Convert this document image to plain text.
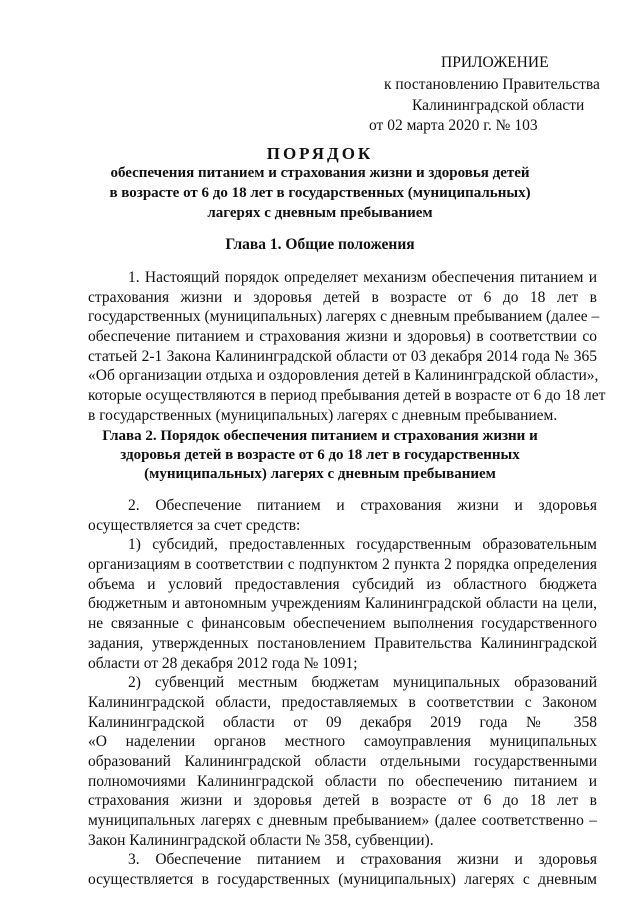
ПРИЛОЖЕНИЕ
к постановлению Правительства
Калининградской области
от 02 марта 2020 г. № 103
ПОРЯДОК
обеспечения питанием и страхования жизни и здоровья детей
в возрасте от 6 до 18 лет в государственных (муниципальных)
лагерях с дневным пребыванием
Глава 1. Общие положения
1. Настоящий порядок определяет механизм обеспечения питанием и
страхования жизни и здоровья детей в возрасте от 6 до 18 лет в
государственных (муниципальных) лагерях с дневным пребыванием (далее –
обеспечение питанием и страхования жизни и здоровья) в соответствии со
статьей 2-1 Закона Калининградской области от 03 декабря 2014 года № 365
«Об организации отдыха и оздоровления детей в Калининградской области»,
которые осуществляются в период пребывания детей в возрасте от 6 до 18 лет
в государственных (муниципальных) лагерях с дневным пребыванием.
Глава 2. Порядок обеспечения питанием и страхования жизни и
здоровья детей в возрасте от 6 до 18 лет в государственных
(муниципальных) лагерях с дневным пребыванием
2. Обеспечение питанием и страхования жизни и здоровья
осуществляется за счет средств:
1) субсидий, предоставленных государственным образовательным
организациям в соответствии с подпунктом 2 пункта 2 порядка определения
объема и условий предоставления субсидий из областного бюджета
бюджетным и автономным учреждениям Калининградской области на цели,
не связанные с финансовым обеспечением выполнения государственного
задания, утвержденных постановлением Правительства Калининградской
области от 28 декабря 2012 года № 1091;
2) субвенций местным бюджетам муниципальных образований
Калининградской области, предоставляемых в соответствии с Законом
Калининградской области от 09 декабря 2019 года № 358
«О наделении органов местного самоуправления муниципальных
образований Калининградской области отдельными государственными
полномочиями Калининградской области по обеспечению питанием и
страхования жизни и здоровья детей в возрасте от 6 до 18 лет в
муниципальных лагерях с дневным пребыванием» (далее соответственно –
Закон Калининградской области № 358, субвенции).
3. Обеспечение питанием и страхования жизни и здоровья
осуществляется в государственных (муниципальных) лагерях с дневным
